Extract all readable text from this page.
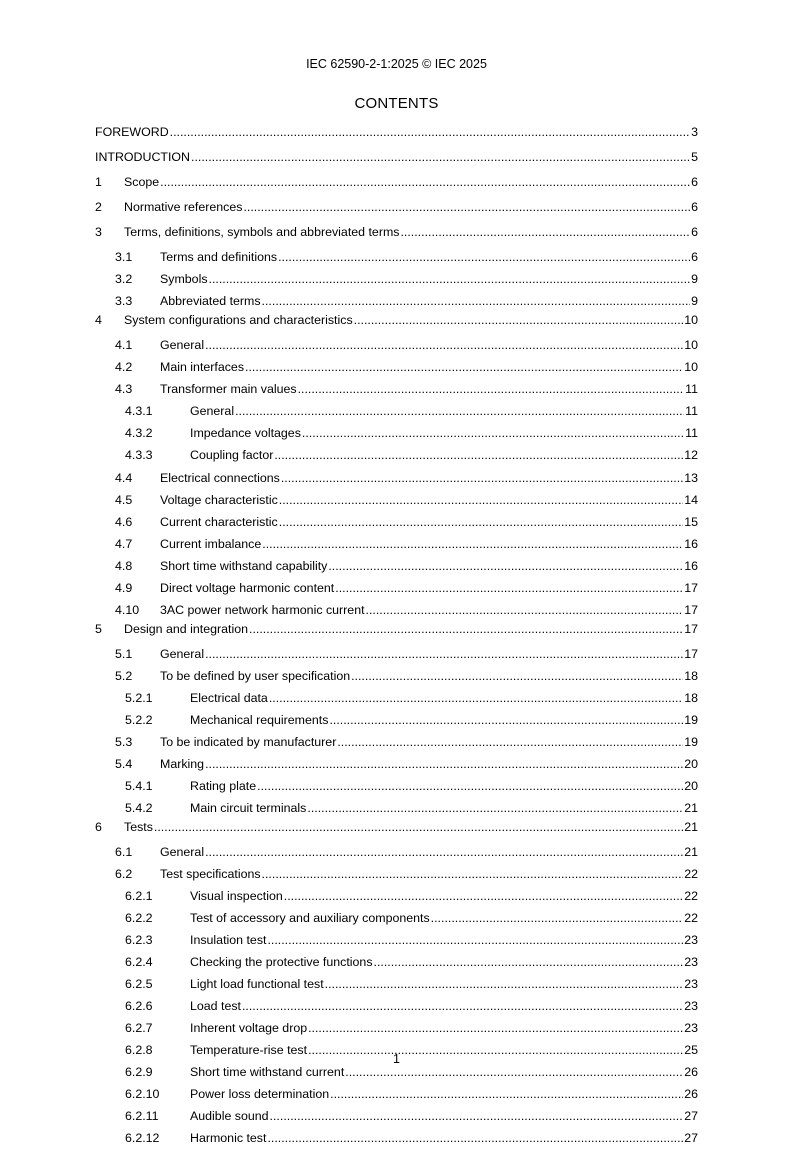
IEC 62590-2-1:2025 © IEC 2025
CONTENTS
FOREWORD .....	3
INTRODUCTION .....	5
1	Scope .....	6
2	Normative references .....	6
3	Terms, definitions, symbols and abbreviated terms .....	6
3.1	Terms and definitions .....	6
3.2	Symbols .....	9
3.3	Abbreviated terms .....	9
4	System configurations and characteristics .....	10
4.1	General .....	10
4.2	Main interfaces .....	10
4.3	Transformer main values .....	11
4.3.1	General .....	11
4.3.2	Impedance voltages .....	11
4.3.3	Coupling factor .....	12
4.4	Electrical connections .....	13
4.5	Voltage characteristic .....	14
4.6	Current characteristic .....	15
4.7	Current imbalance .....	16
4.8	Short time withstand capability .....	16
4.9	Direct voltage harmonic content .....	17
4.10	3AC power network harmonic current .....	17
5	Design and integration .....	17
5.1	General .....	17
5.2	To be defined by user specification .....	18
5.2.1	Electrical data .....	18
5.2.2	Mechanical requirements .....	19
5.3	To be indicated by manufacturer .....	19
5.4	Marking .....	20
5.4.1	Rating plate .....	20
5.4.2	Main circuit terminals .....	21
6	Tests .....	21
6.1	General .....	21
6.2	Test specifications .....	22
6.2.1	Visual inspection .....	22
6.2.2	Test of accessory and auxiliary components .....	22
6.2.3	Insulation test .....	23
6.2.4	Checking the protective functions .....	23
6.2.5	Light load functional test .....	23
6.2.6	Load test .....	23
6.2.7	Inherent voltage drop .....	23
6.2.8	Temperature-rise test .....	25
6.2.9	Short time withstand current .....	26
6.2.10	Power loss determination .....	26
6.2.11	Audible sound .....	27
6.2.12	Harmonic test .....	27
1
